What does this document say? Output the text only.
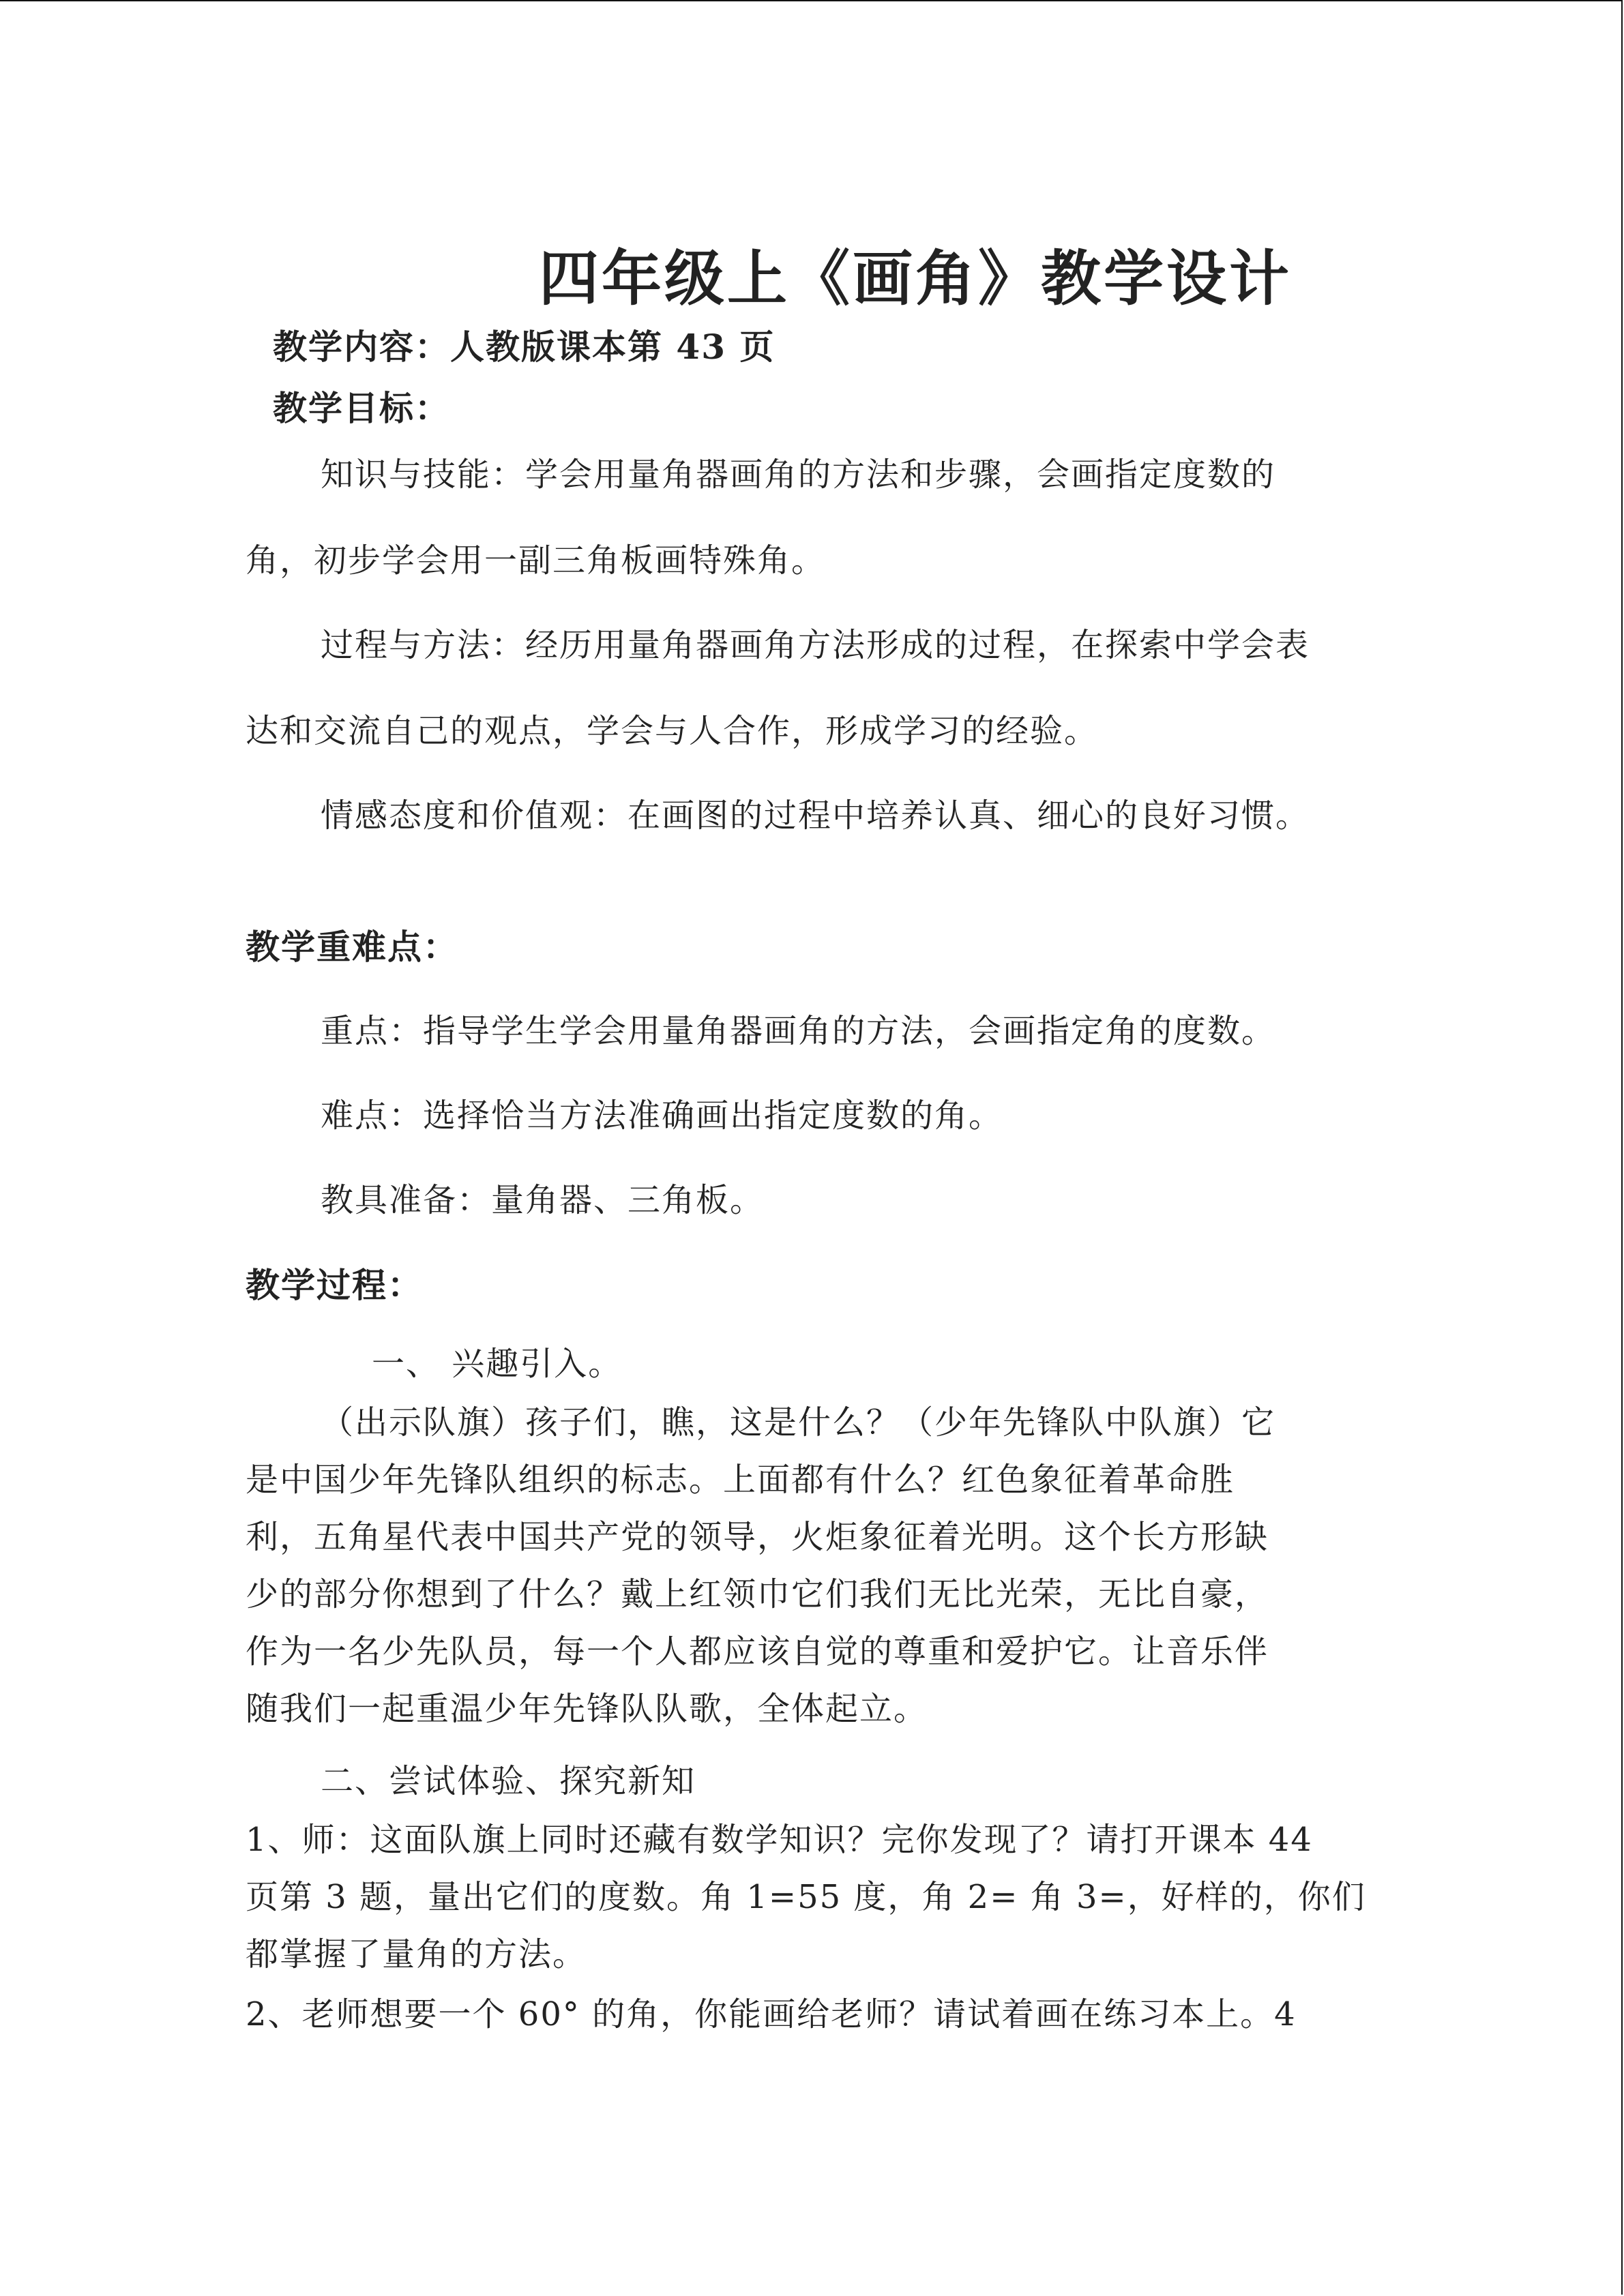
四年级上《画角》教学设计
教学内容：人教版课本第 43 页
教学目标：
知识与技能：学会用量角器画角的方法和步骤，会画指定度数的
角，初步学会用一副三角板画特殊角。
过程与方法：经历用量角器画角方法形成的过程，在探索中学会表
达和交流自己的观点，学会与人合作，形成学习的经验。
情感态度和价值观：在画图的过程中培养认真、细心的良好习惯。
教学重难点：
重点：指导学生学会用量角器画角的方法，会画指定角的度数。
难点：选择恰当方法准确画出指定度数的角。
教具准备：量角器、三角板。
教学过程：
一、 兴趣引入。
（出示队旗）孩子们，瞧，这是什么？（少年先锋队中队旗）它
是中国少年先锋队组织的标志。上面都有什么？红色象征着革命胜
利，五角星代表中国共产党的领导，火炬象征着光明。这个长方形缺
少的部分你想到了什么？戴上红领巾它们我们无比光荣，无比自豪，
作为一名少先队员，每一个人都应该自觉的尊重和爱护它。让音乐伴
随我们一起重温少年先锋队队歌，全体起立。
二、尝试体验、探究新知
1、师：这面队旗上同时还藏有数学知识？完你发现了？请打开课本 44
页第 3 题，量出它们的度数。角 1=55 度，角 2= 角 3=，好样的，你们
都掌握了量角的方法。
2、老师想要一个 60° 的角，你能画给老师？请试着画在练习本上。4
